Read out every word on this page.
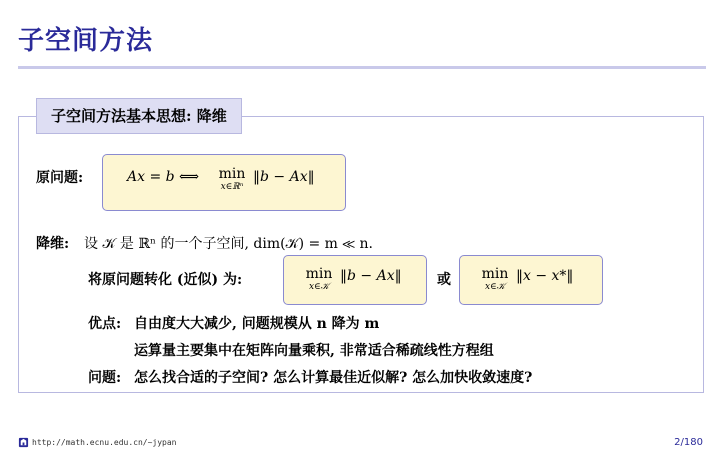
子空间方法
子空间方法基本思想: 降维
原问题:	Ax = b ⟺	min
x∈ℝⁿ
‖b − Ax‖
降维: 设 𝒦 是 ℝⁿ 的一个子空间, dim(𝒦) = m ≪ n.
将原问题转化 (近似) 为:	min
x∈𝒦
‖b − Ax‖	或	min
x∈𝒦
‖x − x*‖
优点: 自由度大大减少, 问题规模从 n 降为 m
运算量主要集中在矩阵向量乘积, 非常适合稀疏线性方程组
问题: 怎么找合适的子空间? 怎么计算最佳近似解? 怎么加快收敛速度?
http://math.ecnu.edu.cn/~jypan	2/180
